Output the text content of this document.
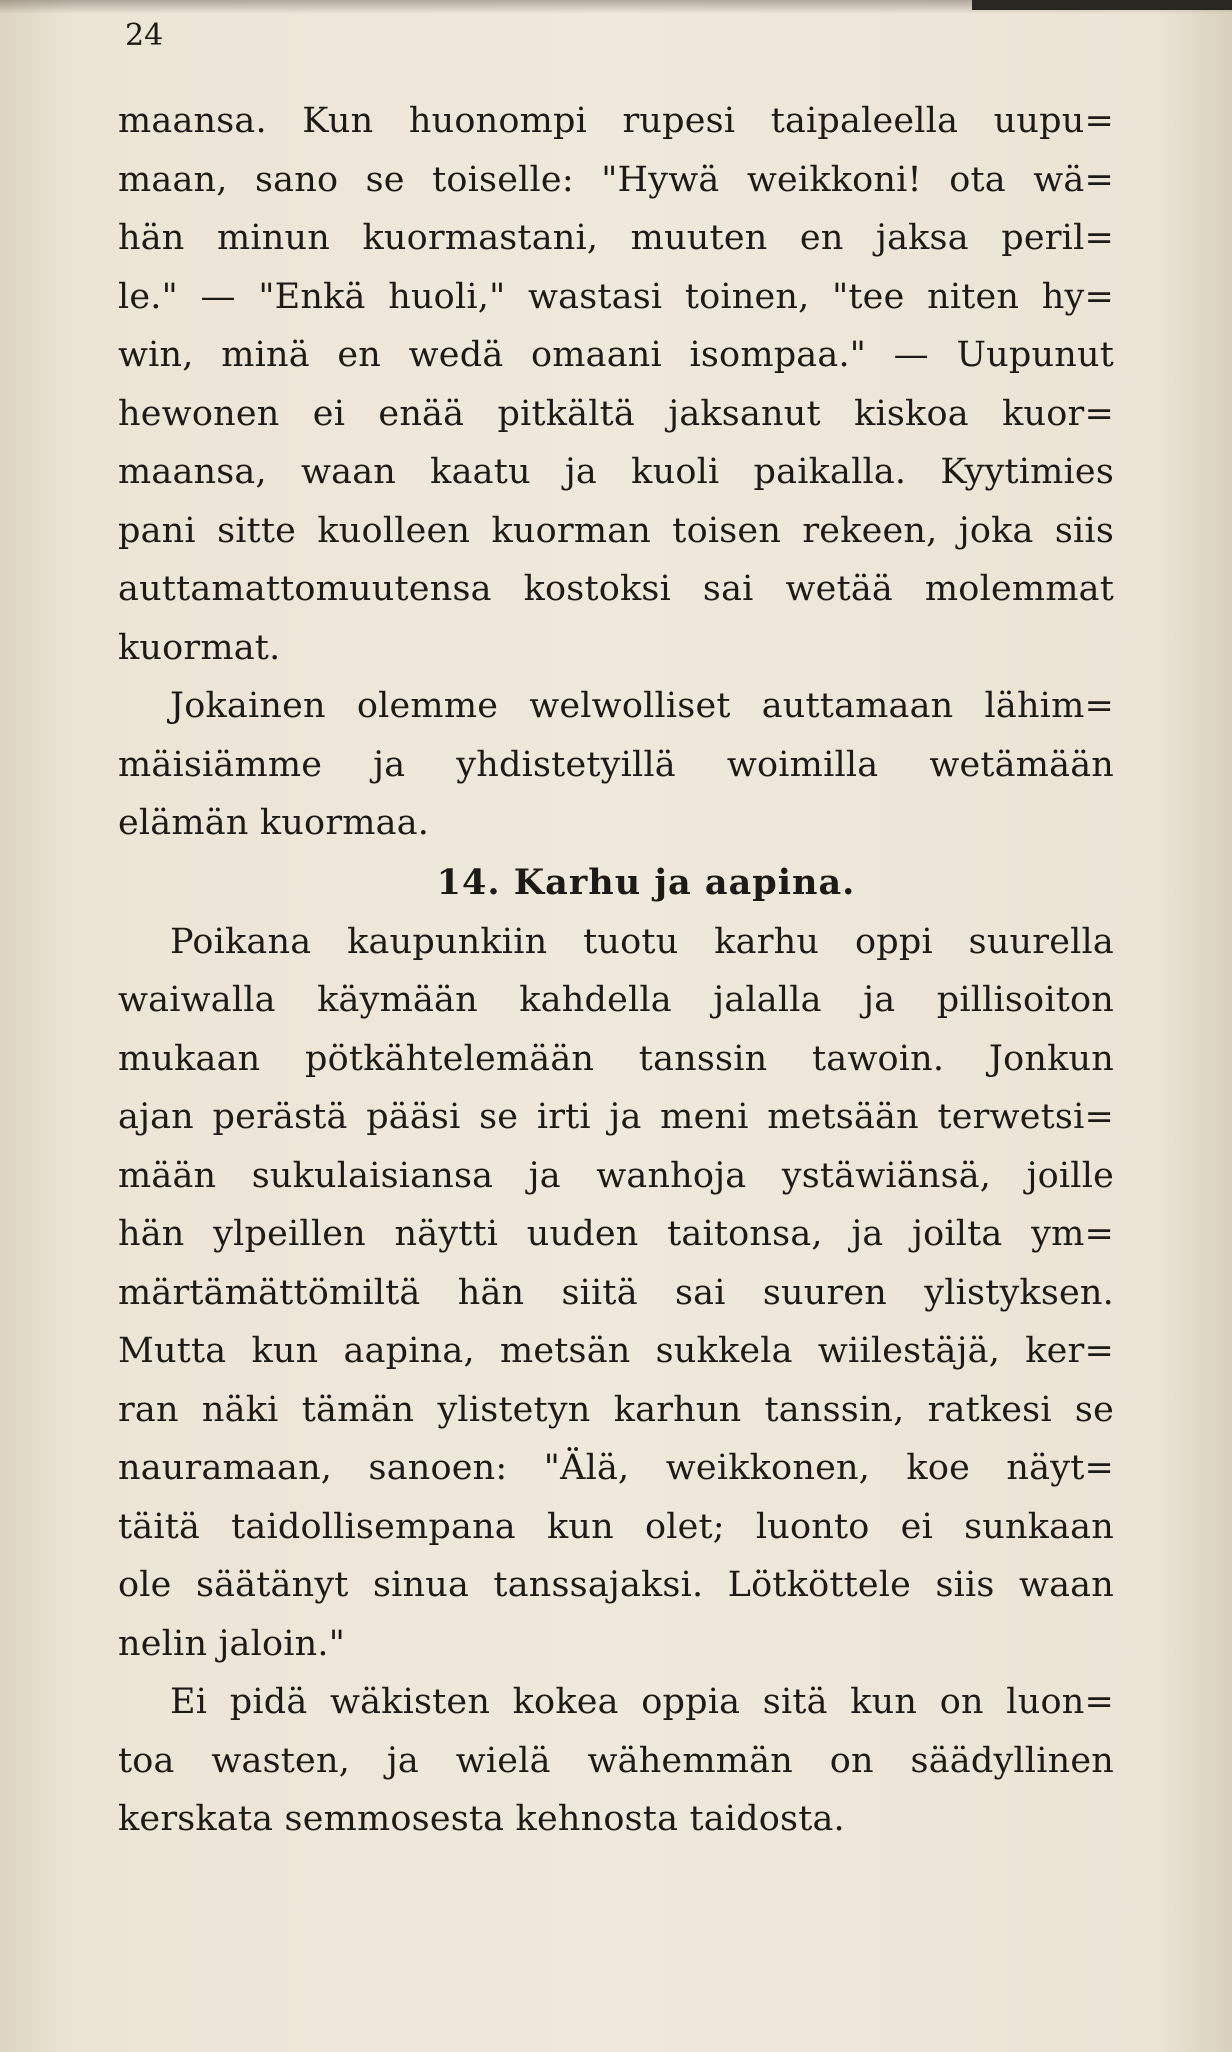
24
maansa. Kun huonompi rupesi taipaleella uupu=
maan, sano se toiselle: "Hywä weikkoni! ota wä=
hän minun kuormastani, muuten en jaksa peril=
le." — "Enkä huoli," wastasi toinen, "tee niten hy=
win, minä en wedä omaani isompaa." — Uupunut
hewonen ei enää pitkältä jaksanut kiskoa kuor=
maansa, waan kaatu ja kuoli paikalla. Kyytimies
pani sitte kuolleen kuorman toisen rekeen, joka siis
auttamattomuutensa kostoksi sai wetää molemmat
kuormat.
Jokainen olemme welwolliset auttamaan lähim=
mäisiämme ja yhdistetyillä woimilla wetämään
elämän kuormaa.
14. Karhu ja aapina.
Poikana kaupunkiin tuotu karhu oppi suurella
waiwalla käymään kahdella jalalla ja pillisoiton
mukaan pötkähtelemään tanssin tawoin. Jonkun
ajan perästä pääsi se irti ja meni metsään terwetsi=
mään sukulaisiansa ja wanhoja ystäwiänsä, joille
hän ylpeillen näytti uuden taitonsa, ja joilta ym=
märtämättömiltä hän siitä sai suuren ylistyksen.
Mutta kun aapina, metsän sukkela wiilestäjä, ker=
ran näki tämän ylistetyn karhun tanssin, ratkesi se
nauramaan, sanoen: "Älä, weikkonen, koe näyt=
täitä taidollisempana kun olet; luonto ei sunkaan
ole säätänyt sinua tanssajaksi. Lötköttele siis waan
nelin jaloin."
Ei pidä wäkisten kokea oppia sitä kun on luon=
toa wasten, ja wielä wähemmän on säädyllinen
kerskata semmosesta kehnosta taidosta.
